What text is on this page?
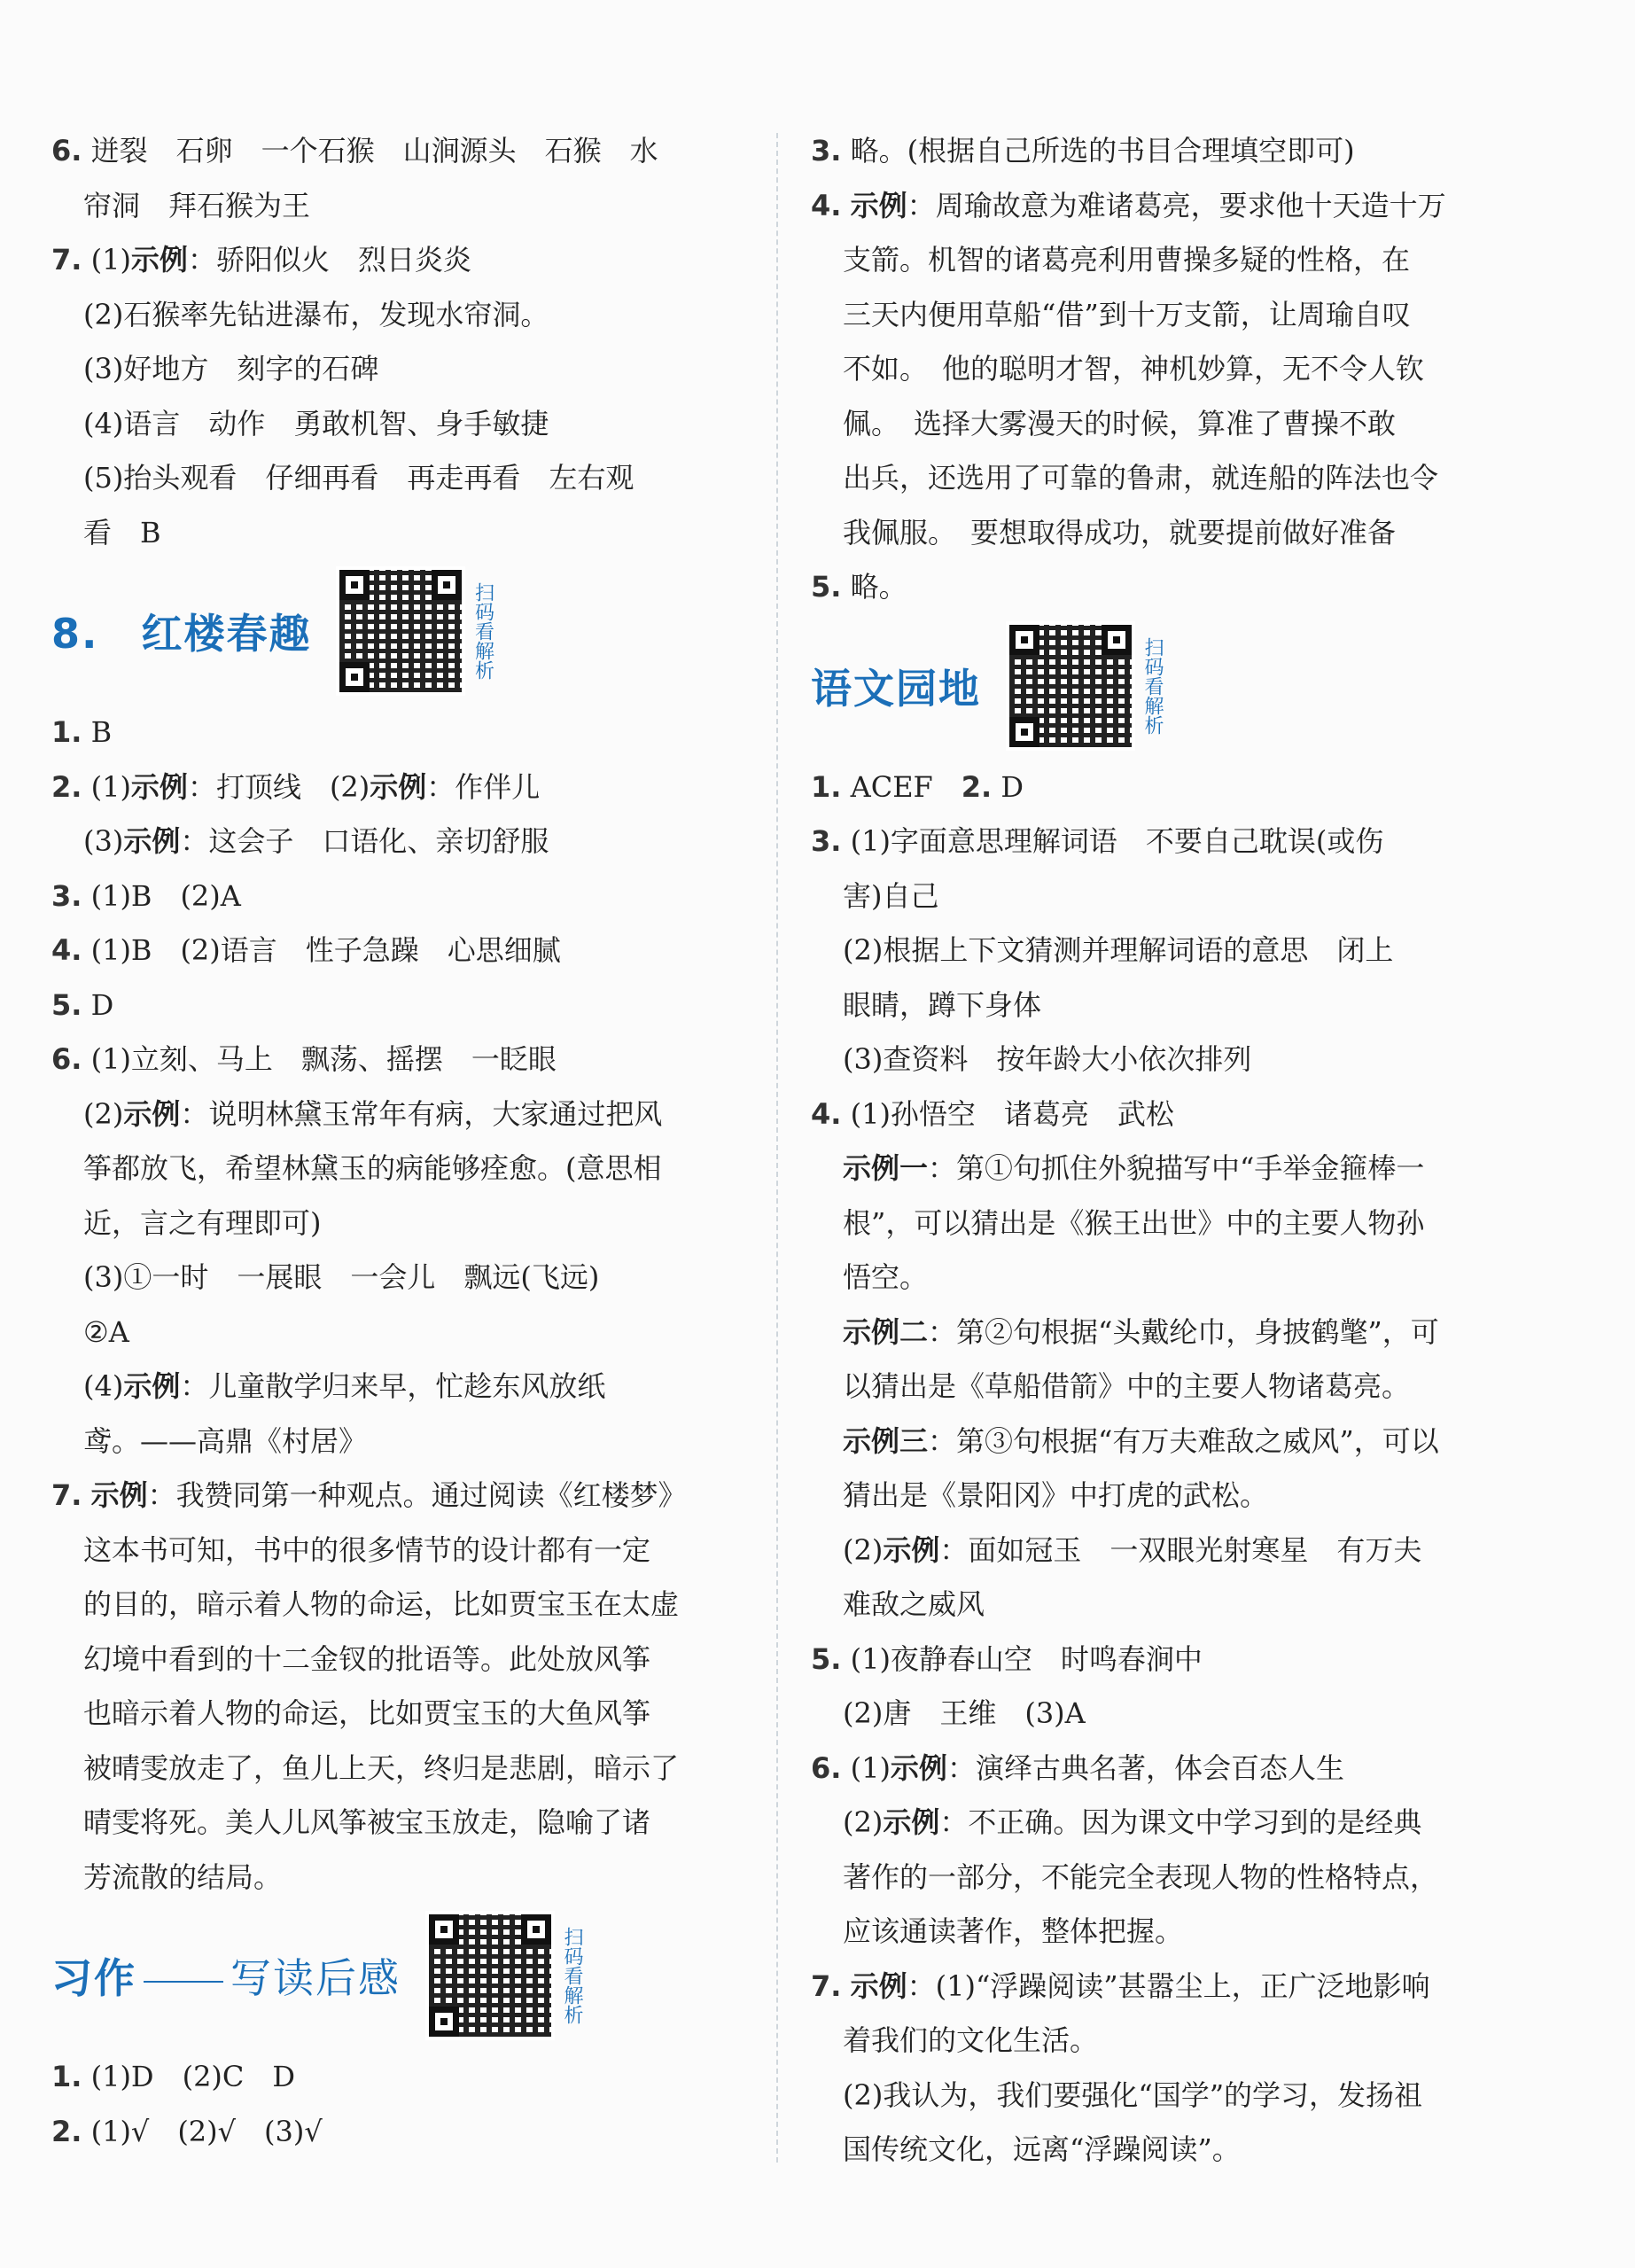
6. 迸裂　石卵　一个石猴　山涧源头　石猴　水
帘洞　拜石猴为王

7. (1)示例：骄阳似火　烈日炎炎
(2)石猴率先钻进瀑布，发现水帘洞。
(3)好地方　刻字的石碑
(4)语言　动作　勇敢机智、身手敏捷
(5)抬头观看　仔细再看　再走再看　左右观
看　B

8.　红楼春趣	扫码看解析

1. B

2. (1)示例：打顶线　(2)示例：作伴儿
(3)示例：这会子　口语化、亲切舒服

3. (1)B　(2)A

4. (1)B　(2)语言　性子急躁　心思细腻

5. D

6. (1)立刻、马上　飘荡、摇摆　一眨眼
(2)示例：说明林黛玉常年有病，大家通过把风
筝都放飞，希望林黛玉的病能够痊愈。(意思相
近，言之有理即可)
(3)①一时　一展眼　一会儿　飘远(飞远)
②A
(4)示例：儿童散学归来早，忙趁东风放纸
鸢。——高鼎《村居》

7. 示例：我赞同第一种观点。通过阅读《红楼梦》
这本书可知，书中的很多情节的设计都有一定
的目的，暗示着人物的命运，比如贾宝玉在太虚
幻境中看到的十二金钗的批语等。此处放风筝
也暗示着人物的命运，比如贾宝玉的大鱼风筝
被晴雯放走了，鱼儿上天，终归是悲剧，暗示了
晴雯将死。美人儿风筝被宝玉放走，隐喻了诸
芳流散的结局。

习作 写读后感	扫码看解析

1. (1)D　(2)C　D

2. (1)√　(2)√　(3)√

3. 略。(根据自己所选的书目合理填空即可)

4. 示例：周瑜故意为难诸葛亮，要求他十天造十万
支箭。机智的诸葛亮利用曹操多疑的性格，在
三天内便用草船“借”到十万支箭，让周瑜自叹
不如。　他的聪明才智，神机妙算，无不令人钦
佩。　选择大雾漫天的时候，算准了曹操不敢
出兵，还选用了可靠的鲁肃，就连船的阵法也令
我佩服。　要想取得成功，就要提前做好准备

5. 略。

语文园地	扫码看解析

1. ACEF　 2. D

3. (1)字面意思理解词语　不要自己耽误(或伤
害)自己
(2)根据上下文猜测并理解词语的意思　闭上
眼睛，蹲下身体
(3)查资料　按年龄大小依次排列

4. (1)孙悟空　诸葛亮　武松
示例一：第①句抓住外貌描写中“手举金箍棒一
根”，可以猜出是《猴王出世》中的主要人物孙
悟空。
示例二：第②句根据“头戴纶巾，身披鹤氅”，可
以猜出是《草船借箭》中的主要人物诸葛亮。
示例三：第③句根据“有万夫难敌之威风”，可以
猜出是《景阳冈》中打虎的武松。
(2)示例：面如冠玉　一双眼光射寒星　有万夫
难敌之威风

5. (1)夜静春山空　时鸣春涧中
(2)唐　王维　(3)A

6. (1)示例：演绎古典名著，体会百态人生
(2)示例：不正确。因为课文中学习到的是经典
著作的一部分，不能完全表现人物的性格特点，
应该通读著作，整体把握。

7. 示例：(1)“浮躁阅读”甚嚣尘上，正广泛地影响
着我们的文化生活。
(2)我认为，我们要强化“国学”的学习，发扬祖
国传统文化，远离“浮躁阅读”。
